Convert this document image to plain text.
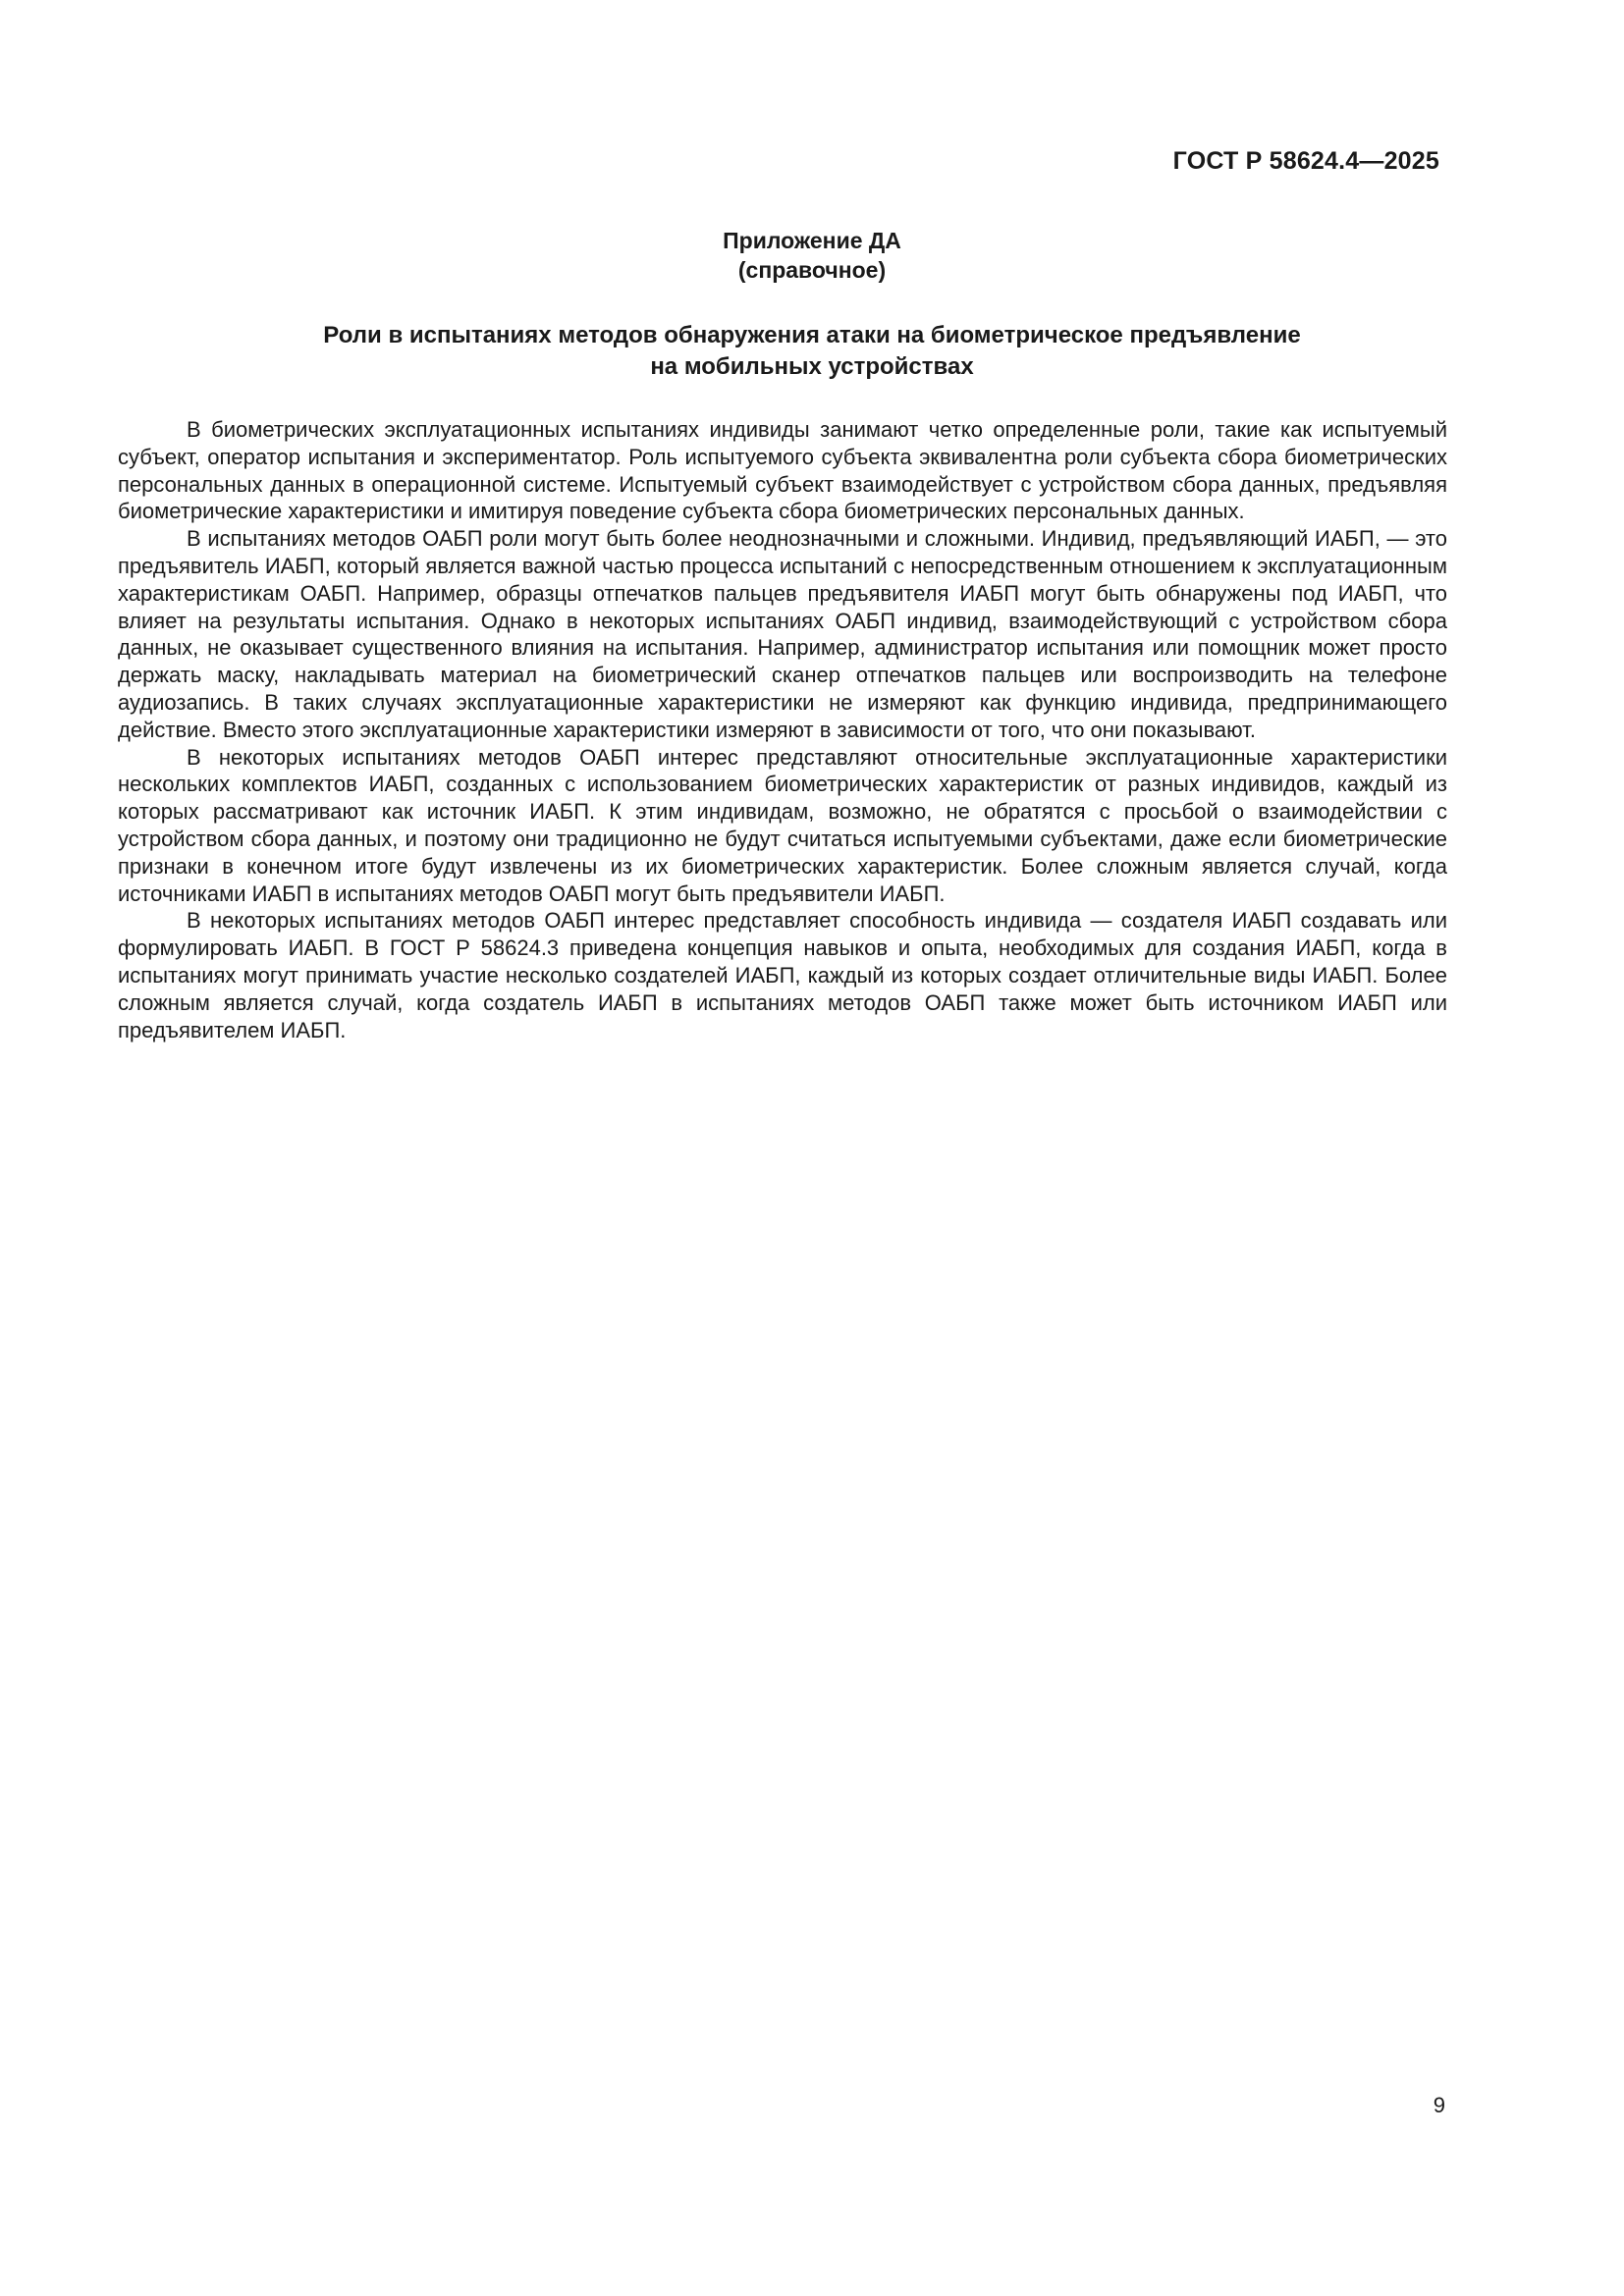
ГОСТ Р 58624.4—2025
Приложение ДА
(справочное)
Роли в испытаниях методов обнаружения атаки на биометрическое предъявление
на мобильных устройствах

В биометрических эксплуатационных испытаниях индивиды занимают четко определенные роли, такие как испытуемый субъект, оператор испытания и экспериментатор. Роль испытуемого субъекта эквивалентна роли субъекта сбора биометрических персональных данных в операционной системе. Испытуемый субъект взаимодействует с устройством сбора данных, предъявляя биометрические характеристики и имитируя поведение субъекта сбора биометрических персональных данных.

В испытаниях методов ОАБП роли могут быть более неоднозначными и сложными. Индивид, предъявляющий ИАБП, — это предъявитель ИАБП, который является важной частью процесса испытаний с непосредственным отношением к эксплуатационным характеристикам ОАБП. Например, образцы отпечатков пальцев предъявителя ИАБП могут быть обнаружены под ИАБП, что влияет на результаты испытания. Однако в некоторых испытаниях ОАБП индивид, взаимодействующий с устройством сбора данных, не оказывает существенного влияния на испытания. Например, администратор испытания или помощник может просто держать маску, накладывать материал на биометрический сканер отпечатков пальцев или воспроизводить на телефоне аудиозапись. В таких случаях эксплуатационные характеристики не измеряют как функцию индивида, предпринимающего действие. Вместо этого эксплуатационные характеристики измеряют в зависимости от того, что они показывают.

В некоторых испытаниях методов ОАБП интерес представляют относительные эксплуатационные характеристики нескольких комплектов ИАБП, созданных с использованием биометрических характеристик от разных индивидов, каждый из которых рассматривают как источник ИАБП. К этим индивидам, возможно, не обратятся с просьбой о взаимодействии с устройством сбора данных, и поэтому они традиционно не будут считаться испытуемыми субъектами, даже если биометрические признаки в конечном итоге будут извлечены из их биометрических характеристик. Более сложным является случай, когда источниками ИАБП в испытаниях методов ОАБП могут быть предъявители ИАБП.

В некоторых испытаниях методов ОАБП интерес представляет способность индивида — создателя ИАБП создавать или формулировать ИАБП. В ГОСТ Р 58624.3 приведена концепция навыков и опыта, необходимых для создания ИАБП, когда в испытаниях могут принимать участие несколько создателей ИАБП, каждый из которых создает отличительные виды ИАБП. Более сложным является случай, когда создатель ИАБП в испытаниях методов ОАБП также может быть источником ИАБП или предъявителем ИАБП.

9
